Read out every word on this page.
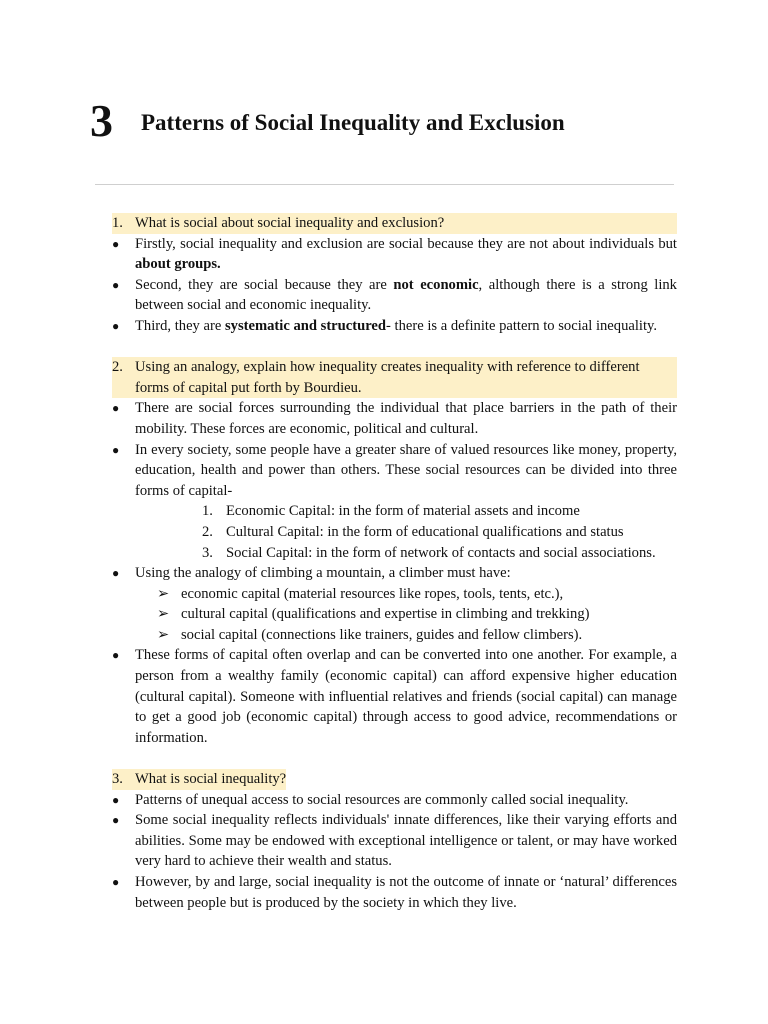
3 Patterns of Social Inequality and Exclusion
1. What is social about social inequality and exclusion?
●	Firstly, social inequality and exclusion are social because they are not about individuals but about groups.
●	Second, they are social because they are not economic, although there is a strong link between social and economic inequality.
●	Third, they are systematic and structured- there is a definite pattern to social inequality.
2. Using an analogy, explain how inequality creates inequality with reference to different forms of capital put forth by Bourdieu.
●	There are social forces surrounding the individual that place barriers in the path of their mobility. These forces are economic, political and cultural.
●	In every society, some people have a greater share of valued resources like money, property, education, health and power than others. These social resources can be divided into three forms of capital-
1. Economic Capital: in the form of material assets and income
2. Cultural Capital: in the form of educational qualifications and status
3. Social Capital: in the form of network of contacts and social associations.
●	Using the analogy of climbing a mountain, a climber must have:
➢ economic capital (material resources like ropes, tools, tents, etc.),
➢ cultural capital (qualifications and expertise in climbing and trekking)
➢ social capital (connections like trainers, guides and fellow climbers).
●	These forms of capital often overlap and can be converted into one another. For example, a person from a wealthy family (economic capital) can afford expensive higher education (cultural capital). Someone with influential relatives and friends (social capital) can manage to get a good job (economic capital) through access to good advice, recommendations or information.
3. What is social inequality?
●	Patterns of unequal access to social resources are commonly called social inequality.
●	Some social inequality reflects individuals' innate differences, like their varying efforts and abilities. Some may be endowed with exceptional intelligence or talent, or may have worked very hard to achieve their wealth and status.
●	However, by and large, social inequality is not the outcome of innate or ‘natural’ differences between people but is produced by the society in which they live.
